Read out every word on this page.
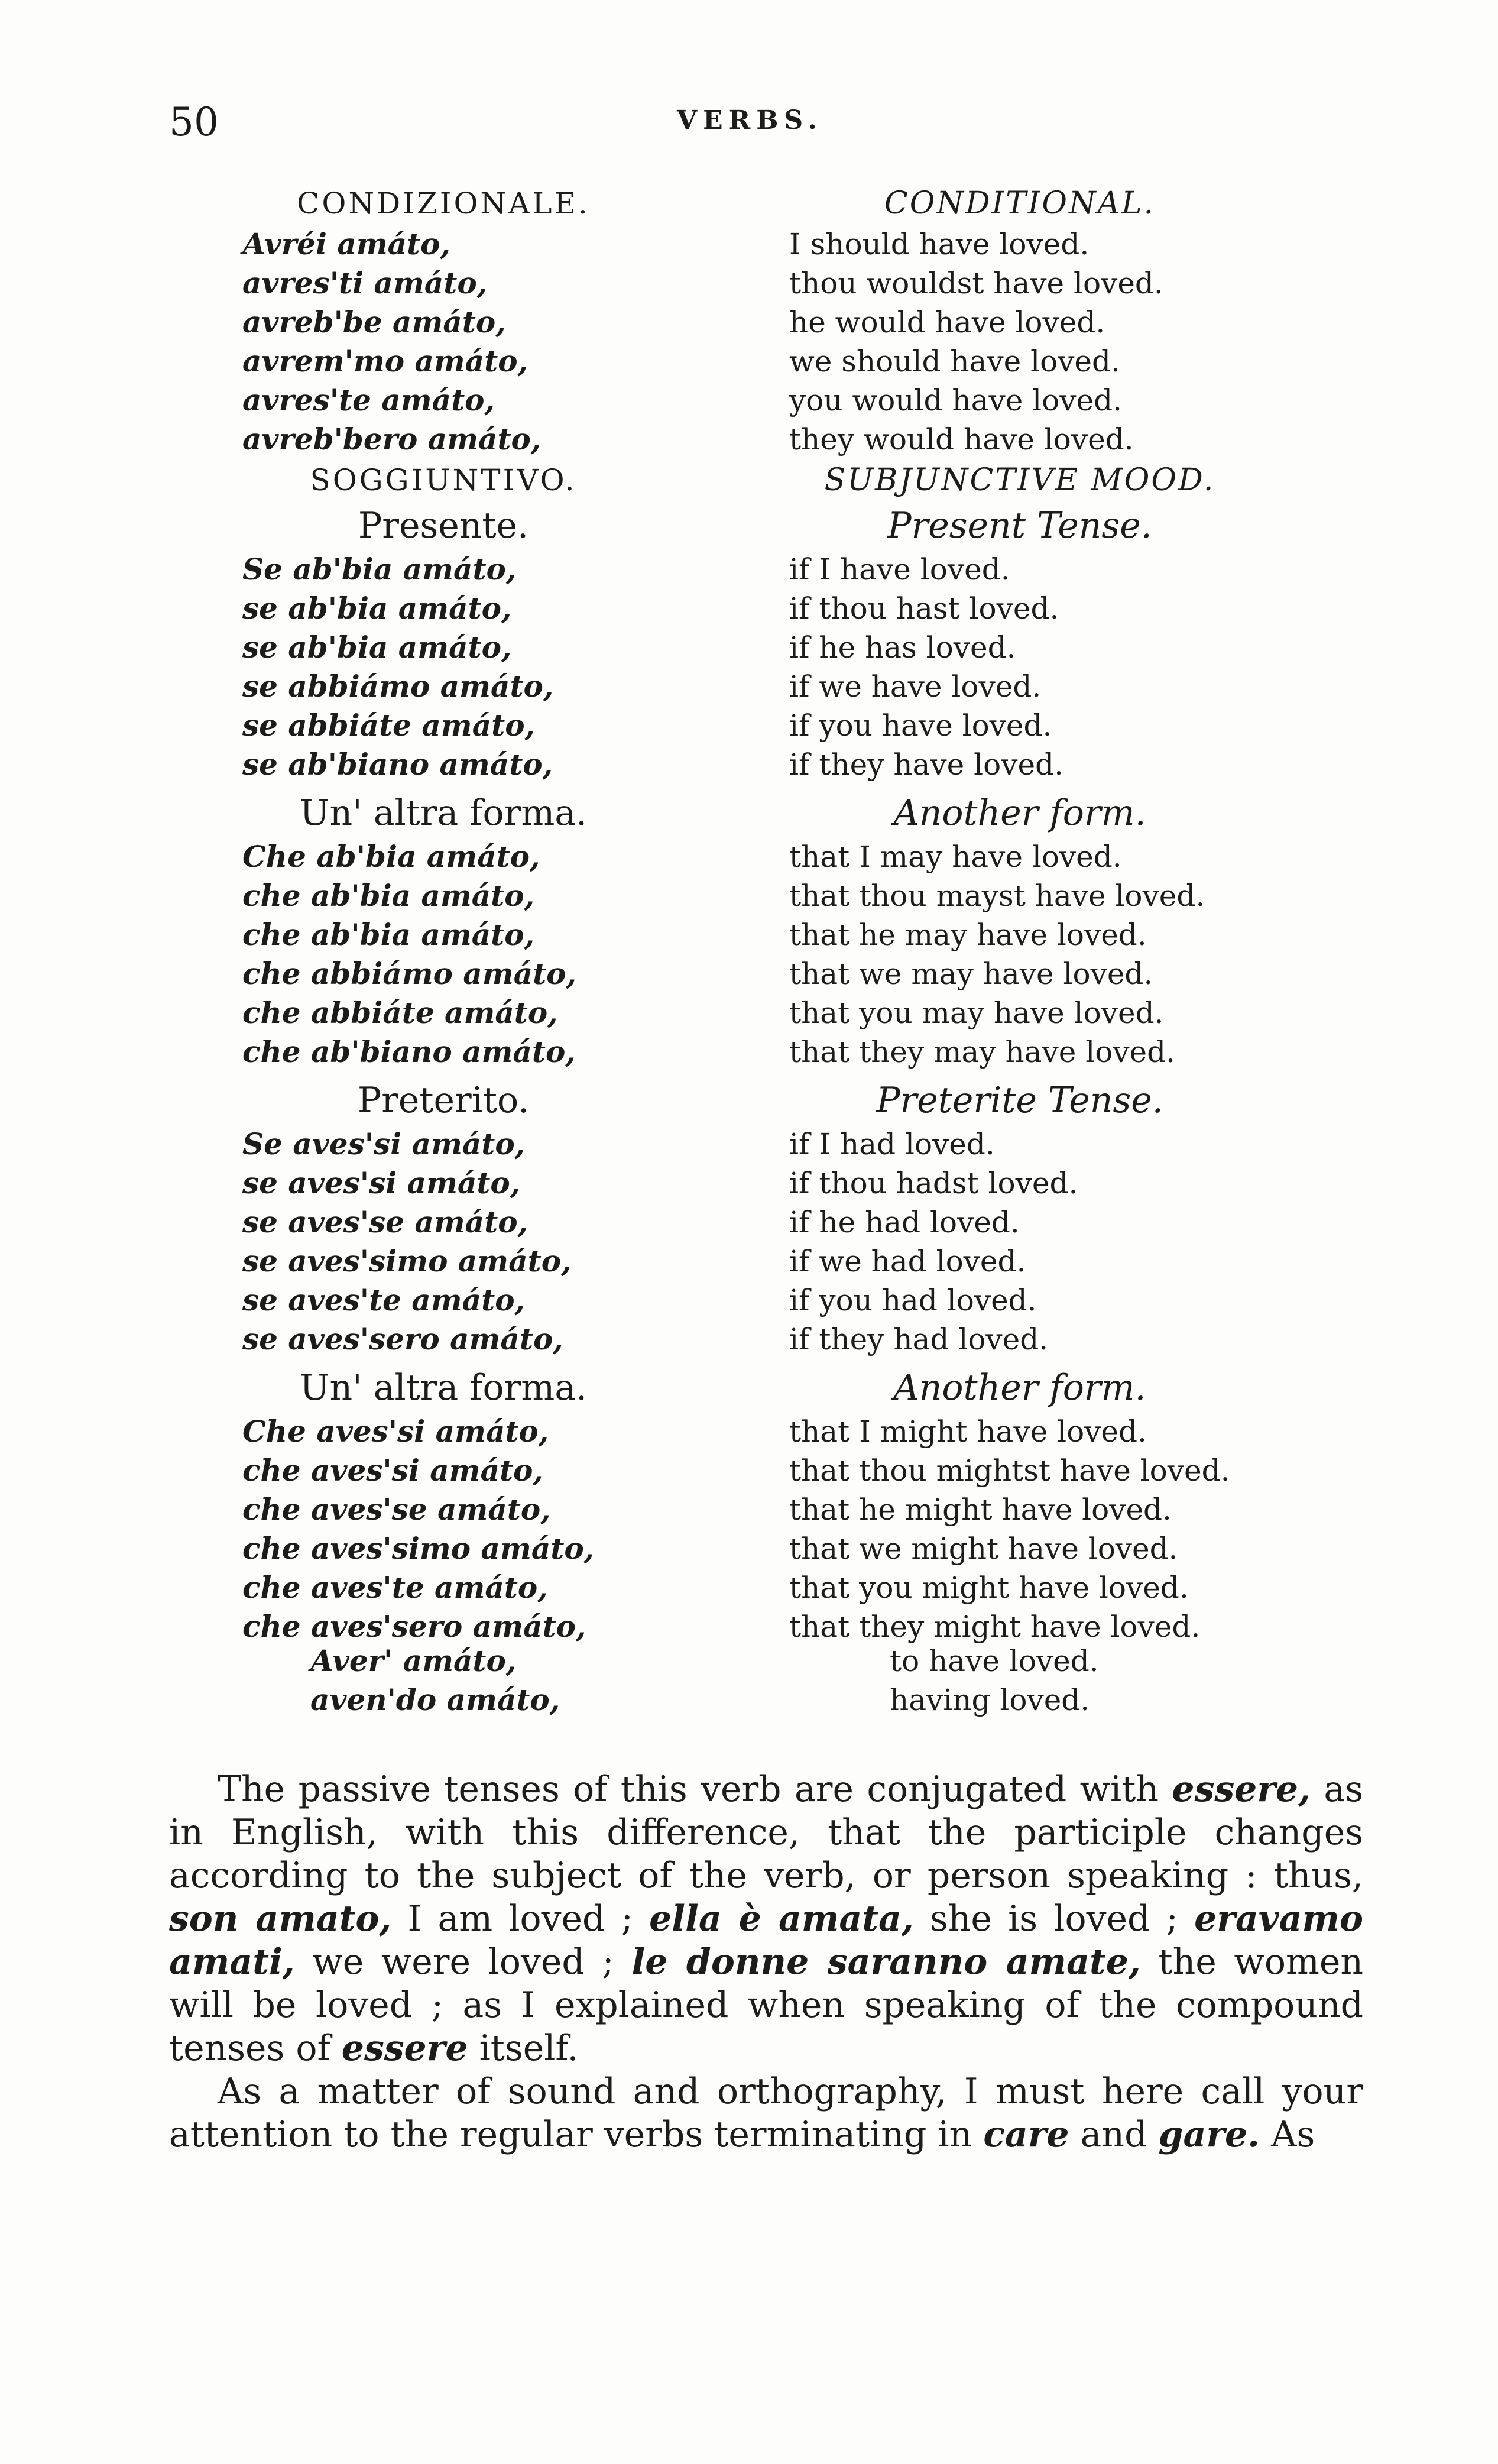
50	VERBS.
CONDIZIONALE.
Avréi amáto,
avres'ti amáto,
avreb'be amáto,
avrem'mo amáto,
avres'te amáto,
avreb'bero amáto,
SOGGIUNTIVO.
Presente.
Se ab'bia amáto,
se ab'bia amáto,
se ab'bia amáto,
se abbiámo amáto,
se abbiáte amáto,
se ab'biano amáto,
Un' altra forma.
Che ab'bia amáto,
che ab'bia amáto,
che ab'bia amáto,
che abbiámo amáto,
che abbiáte amáto,
che ab'biano amáto,
Preterito.
Se aves'si amáto,
se aves'si amáto,
se aves'se amáto,
se aves'simo amáto,
se aves'te amáto,
se aves'sero amáto,
Un' altra forma.
Che aves'si amáto,
che aves'si amáto,
che aves'se amáto,
che aves'simo amáto,
che aves'te amáto,
che aves'sero amáto,
CONDITIONAL.
I should have loved.
thou wouldst have loved.
he would have loved.
we should have loved.
you would have loved.
they would have loved.
SUBJUNCTIVE MOOD.
Present Tense.
if I have loved.
if thou hast loved.
if he has loved.
if we have loved.
if you have loved.
if they have loved.
Another form.
that I may have loved.
that thou mayst have loved.
that he may have loved.
that we may have loved.
that you may have loved.
that they may have loved.
Preterite Tense.
if I had loved.
if thou hadst loved.
if he had loved.
if we had loved.
if you had loved.
if they had loved.
Another form.
that I might have loved.
that thou mightst have loved.
that he might have loved.
that we might have loved.
that you might have loved.
that they might have loved.
Aver' amáto,
aven'do amáto,
to have loved.
having loved.

The passive tenses of this verb are conjugated with essere, as in English, with this difference, that the participle changes according to the subject of the verb, or person speaking : thus, son amato, I am loved ; ella è amata, she is loved ; eravamo amati, we were loved ; le donne saranno amate, the women will be loved ; as I explained when speaking of the compound tenses of essere itself.

As a matter of sound and orthography, I must here call your attention to the regular verbs terminating in care and gare. As
